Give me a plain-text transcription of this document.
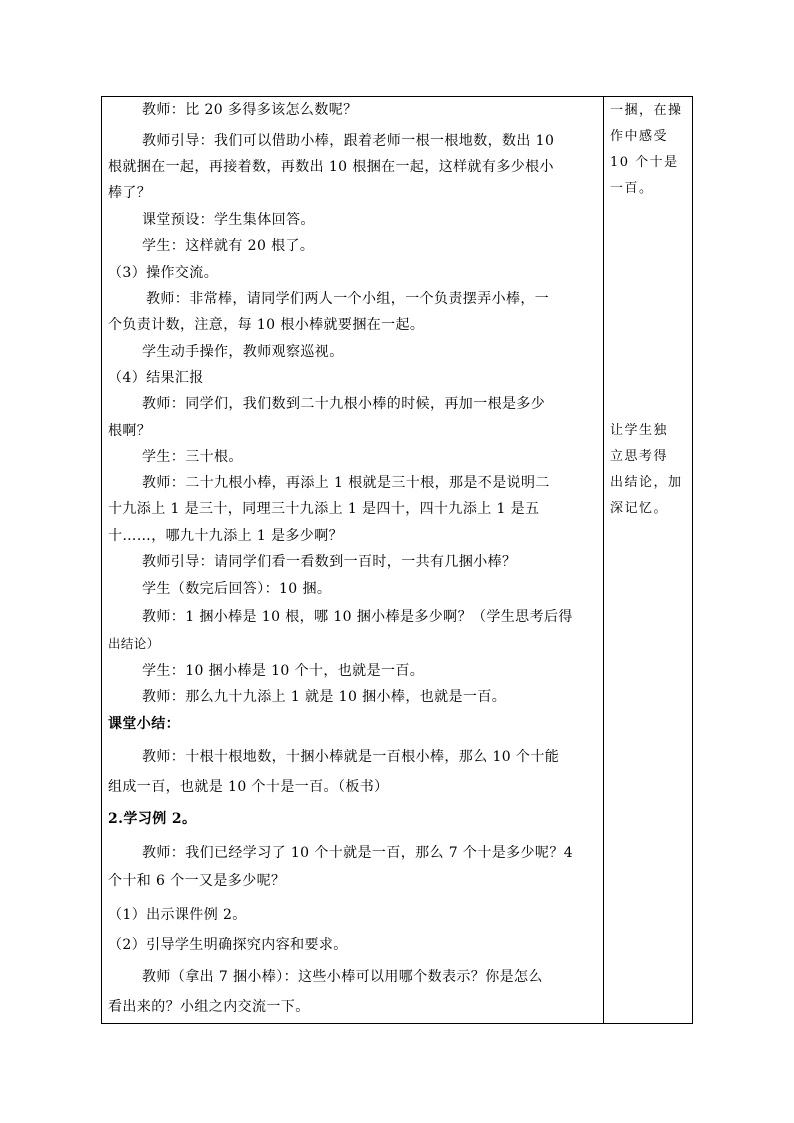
教师：比 20 多得多该怎么数呢？
教师引导：我们可以借助小棒，跟着老师一根一根地数，数出 10
根就捆在一起，再接着数，再数出 10 根捆在一起，这样就有多少根小
棒了？
课堂预设：学生集体回答。
学生：这样就有 20 根了。
（3）操作交流。
教师：非常棒，请同学们两人一个小组，一个负责摆弄小棒，一
个负责计数，注意，每 10 根小棒就要捆在一起。
学生动手操作，教师观察巡视。
（4）结果汇报
教师：同学们，我们数到二十九根小棒的时候，再加一根是多少
根啊？
学生：三十根。
教师：二十九根小棒，再添上 1 根就是三十根，那是不是说明二
十九添上 1 是三十，同理三十九添上 1 是四十，四十九添上 1 是五
十……，哪九十九添上 1 是多少啊？
教师引导：请同学们看一看数到一百时，一共有几捆小棒？
学生（数完后回答）：10 捆。
教师：1 捆小棒是 10 根，哪 10 捆小棒是多少啊？（学生思考后得
出结论）
学生：10 捆小棒是 10 个十，也就是一百。
教师：那么九十九添上 1 就是 10 捆小棒，也就是一百。
课堂小结：
教师：十根十根地数，十捆小棒就是一百根小棒，那么 10 个十能
组成一百，也就是 10 个十是一百。（板书）
2.学习例 2。
教师：我们已经学习了 10 个十就是一百，那么 7 个十是多少呢？4
个十和 6 个一又是多少呢？
（1）出示课件例 2。
（2）引导学生明确探究内容和要求。
教师（拿出 7 捆小棒）：这些小棒可以用哪个数表示？你是怎么
看出来的？小组之内交流一下。
一捆，在操
作中感受
10 个十是
一百。
让学生独
立思考得
出结论，加
深记忆。
